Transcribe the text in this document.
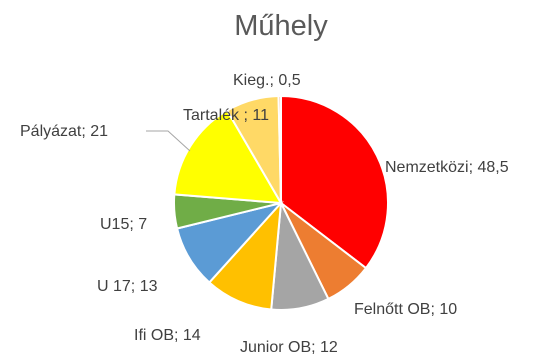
Műhely
Nemzetközi; 48,5
Felnőtt OB; 10
Junior OB; 12
Ifi OB; 14
U 17; 13
U15; 7
Pályázat; 21
Tartalék ; 11
Kieg.; 0,5
